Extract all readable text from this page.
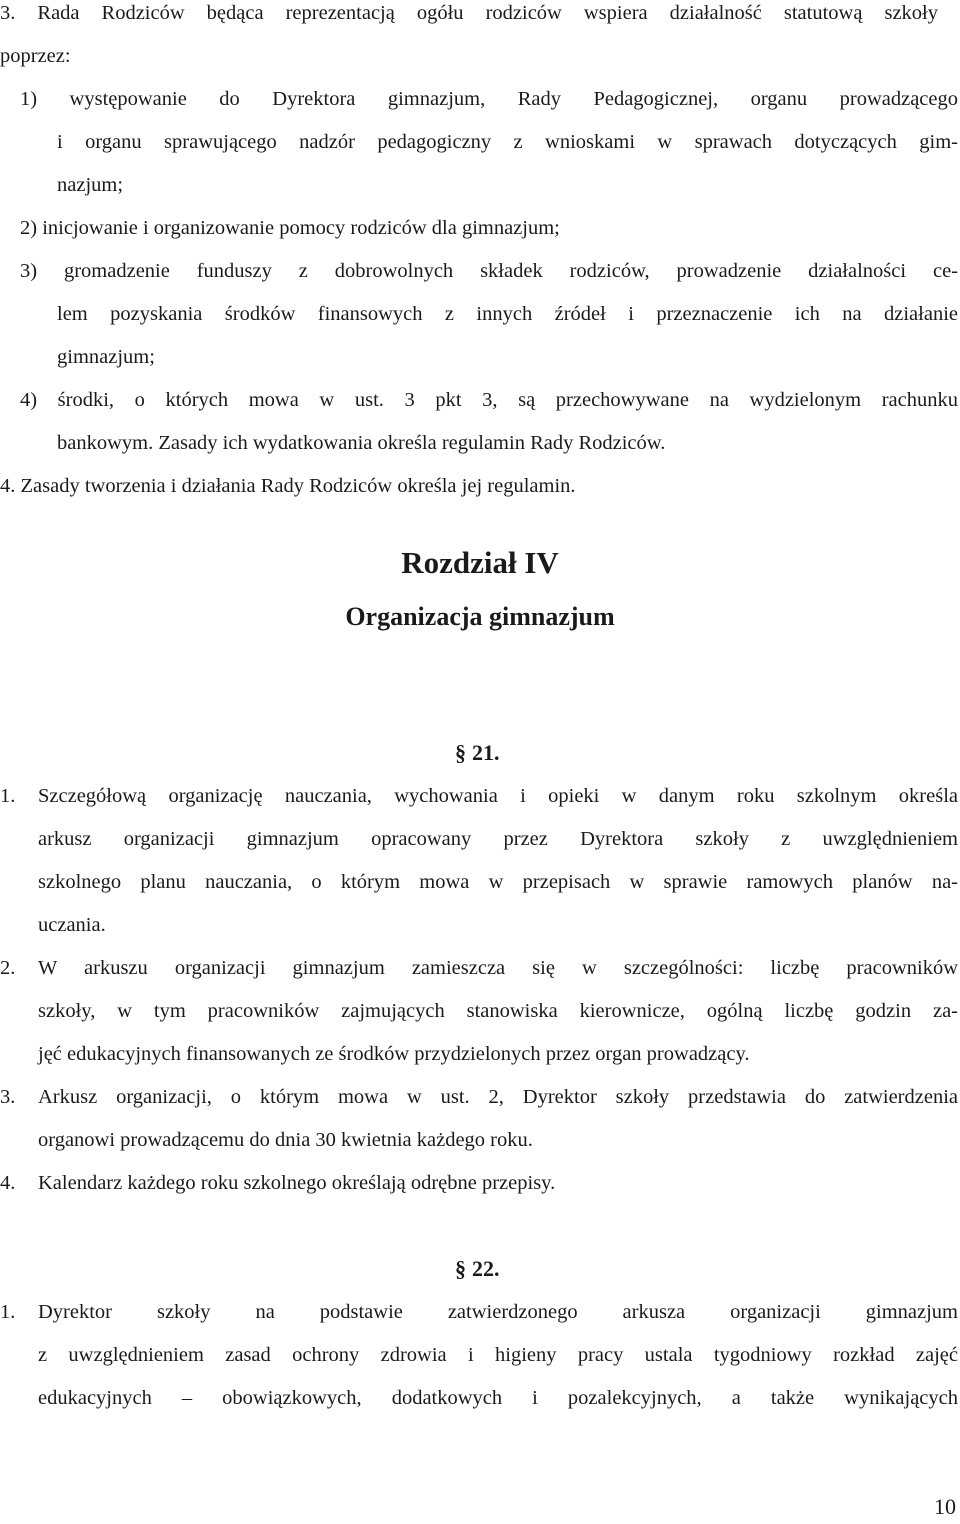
3. Rada Rodziców będąca reprezentacją ogółu rodziców wspiera działalność statutową szkoły
poprzez:
1) występowanie do Dyrektora gimnazjum, Rady Pedagogicznej, organu prowadzącego
i organu sprawującego nadzór pedagogiczny z wnioskami w sprawach dotyczących gim-
nazjum;
2) inicjowanie i organizowanie pomocy rodziców dla gimnazjum;
3) gromadzenie funduszy z dobrowolnych składek rodziców, prowadzenie działalności ce-
lem pozyskania środków finansowych z innych źródeł i przeznaczenie ich na działanie
gimnazjum;
4) środki, o których mowa w ust. 3 pkt 3, są przechowywane na wydzielonym rachunku
bankowym. Zasady ich wydatkowania określa regulamin Rady Rodziców.
4. Zasady tworzenia i działania Rady Rodziców określa jej regulamin.
Rozdział IV
Organizacja gimnazjum
§ 21.
1. Szczegółową organizację nauczania, wychowania i opieki w danym roku szkolnym określa
arkusz organizacji gimnazjum opracowany przez Dyrektora szkoły z uwzględnieniem
szkolnego planu nauczania, o którym mowa w przepisach w sprawie ramowych planów na-
uczania.
2. W arkuszu organizacji gimnazjum zamieszcza się w szczególności: liczbę pracowników
szkoły, w tym pracowników zajmujących stanowiska kierownicze, ogólną liczbę godzin za-
jęć edukacyjnych finansowanych ze środków przydzielonych przez organ prowadzący.
3. Arkusz organizacji, o którym mowa w ust. 2, Dyrektor szkoły przedstawia do zatwierdzenia
organowi prowadzącemu do dnia 30 kwietnia każdego roku.
4. Kalendarz każdego roku szkolnego określają odrębne przepisy.
§ 22.
1. Dyrektor szkoły na podstawie zatwierdzonego arkusza organizacji gimnazjum
z uwzględnieniem zasad ochrony zdrowia i higieny pracy ustala tygodniowy rozkład zajęć
edukacyjnych – obowiązkowych, dodatkowych i pozalekcyjnych, a także wynikających
10
